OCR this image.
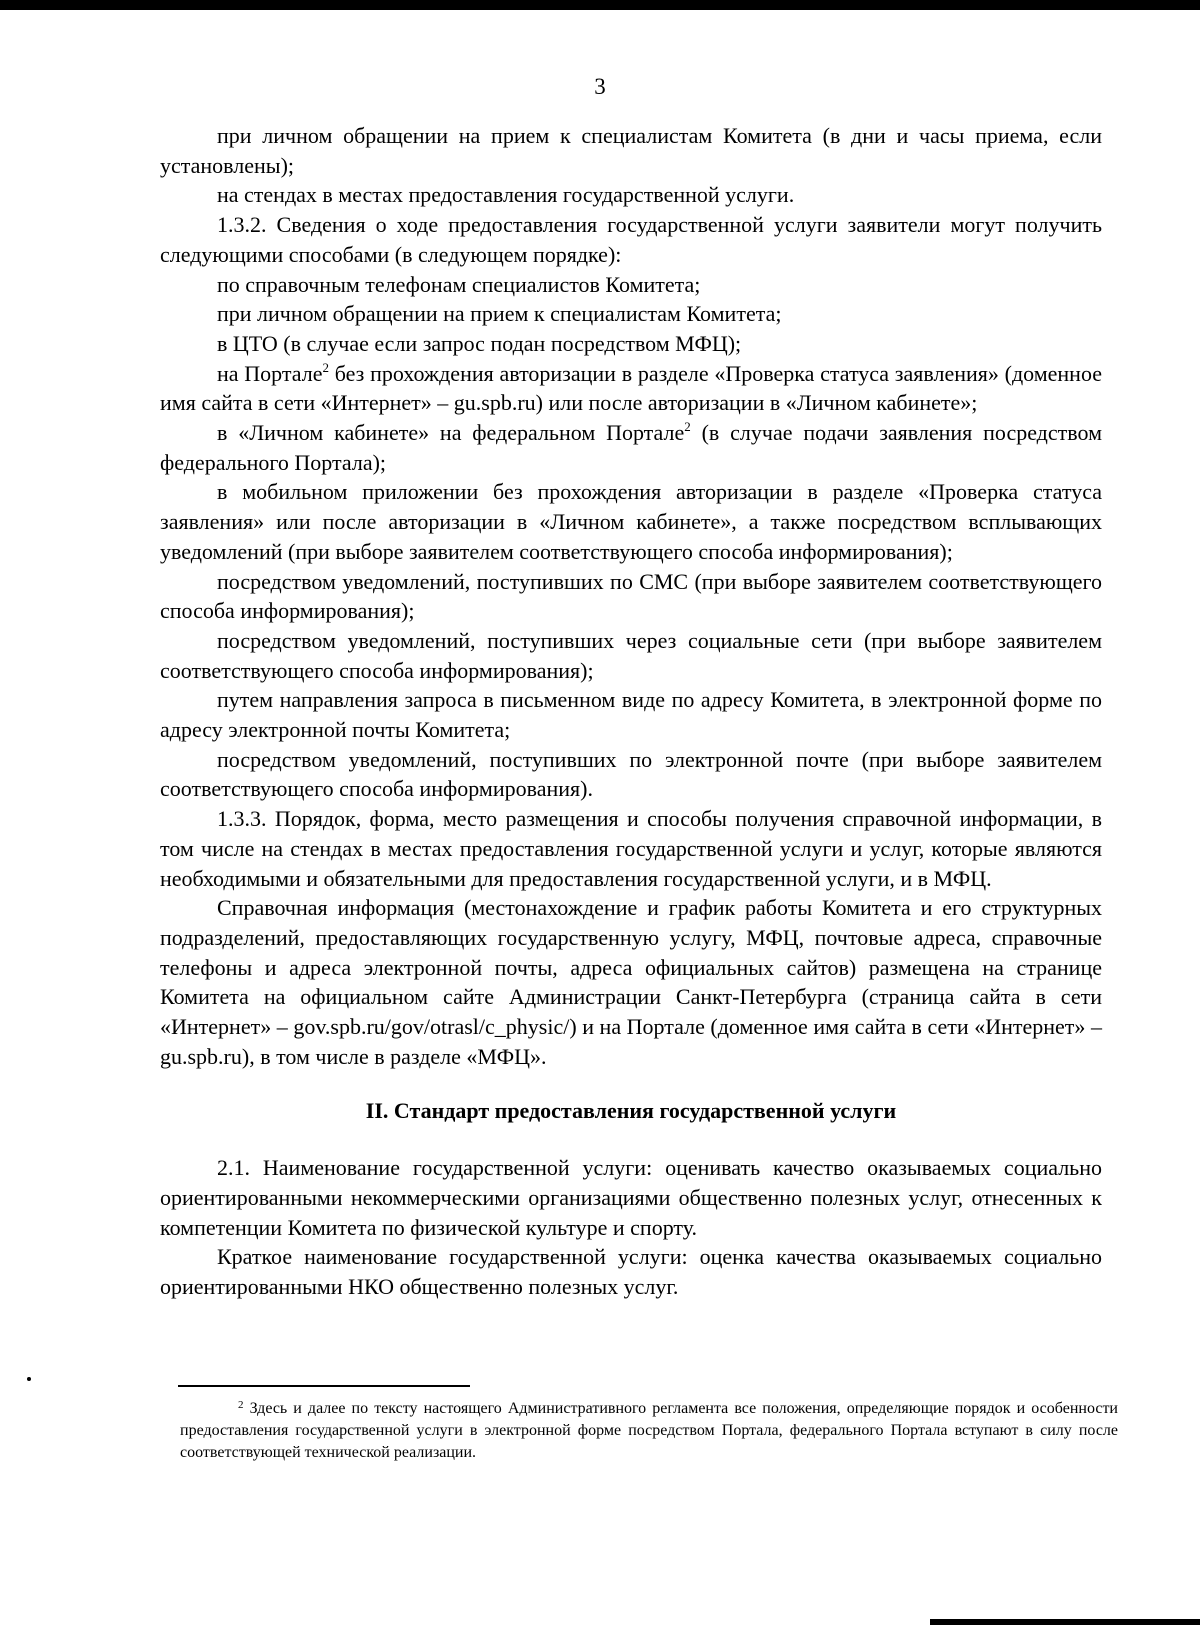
3

при личном обращении на прием к специалистам Комитета (в дни и часы приема, если установлены);

на стендах в местах предоставления государственной услуги.

1.3.2. Сведения о ходе предоставления государственной услуги заявители могут получить следующими способами (в следующем порядке):

по справочным телефонам специалистов Комитета;

при личном обращении на прием к специалистам Комитета;

в ЦТО (в случае если запрос подан посредством МФЦ);

на Портале$^2$ без прохождения авторизации в разделе «Проверка статуса заявления» (доменное имя сайта в сети «Интернет» – gu.spb.ru) или после авторизации в «Личном кабинете»;

в «Личном кабинете» на федеральном Портале$^2$ (в случае подачи заявления посредством федерального Портала);

в мобильном приложении без прохождения авторизации в разделе «Проверка статуса заявления» или после авторизации в «Личном кабинете», а также посредством всплывающих уведомлений (при выборе заявителем соответствующего способа информирования);

посредством уведомлений, поступивших по СМС (при выборе заявителем соответствующего способа информирования);

посредством уведомлений, поступивших через социальные сети (при выборе заявителем соответствующего способа информирования);

путем направления запроса в письменном виде по адресу Комитета, в электронной форме по адресу электронной почты Комитета;

посредством уведомлений, поступивших по электронной почте (при выборе заявителем соответствующего способа информирования).

1.3.3. Порядок, форма, место размещения и способы получения справочной информации, в том числе на стендах в местах предоставления государственной услуги и услуг, которые являются необходимыми и обязательными для предоставления государственной услуги, и в МФЦ.

Справочная информация (местонахождение и график работы Комитета и его структурных подразделений, предоставляющих государственную услугу, МФЦ, почтовые адреса, справочные телефоны и адреса электронной почты, адреса официальных сайтов) размещена на странице Комитета на официальном сайте Администрации Санкт-Петербурга (страница сайта в сети «Интернет» – gov.spb.ru/gov/otrasl/c_physic/) и на Портале (доменное имя сайта в сети «Интернет» – gu.spb.ru), в том числе в разделе «МФЦ».

II. Стандарт предоставления государственной услуги

2.1. Наименование государственной услуги: оценивать качество оказываемых социально ориентированными некоммерческими организациями общественно полезных услуг, отнесенных к компетенции Комитета по физической культуре и спорту.

Краткое наименование государственной услуги: оценка качества оказываемых социально ориентированными НКО общественно полезных услуг.

$^2$ Здесь и далее по тексту настоящего Административного регламента все положения, определяющие порядок и особенности предоставления государственной услуги в электронной форме посредством Портала, федерального Портала вступают в силу после соответствующей технической реализации.
